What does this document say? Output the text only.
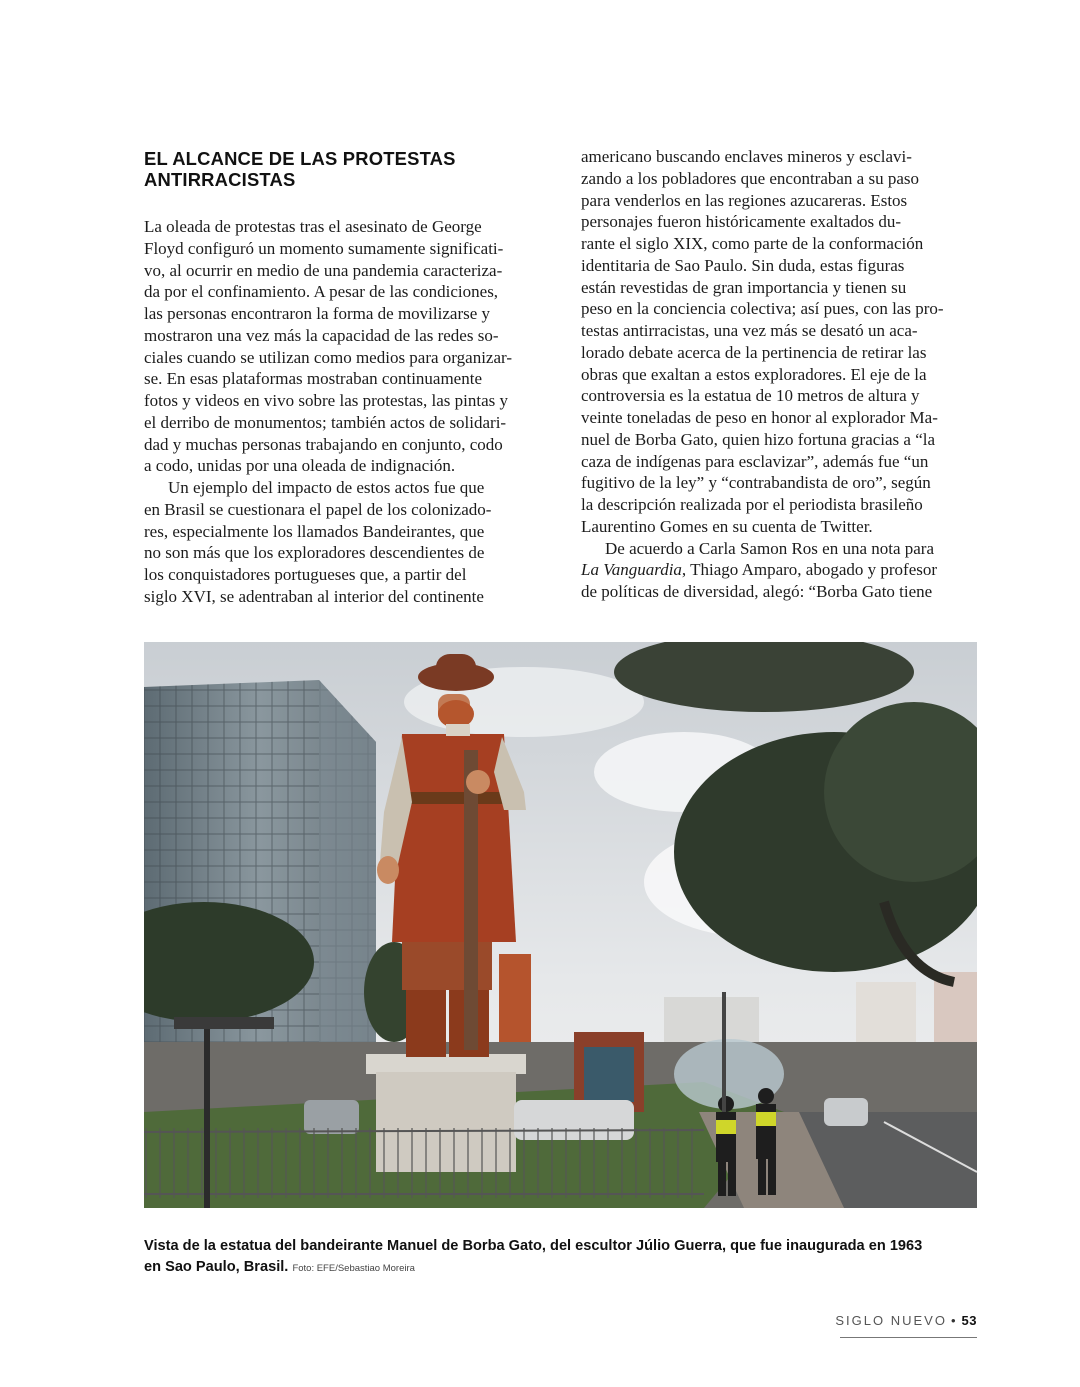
EL ALCANCE DE LAS PROTESTAS
ANTIRRACISTAS

La oleada de protestas tras el asesinato de George
Floyd configuró un momento sumamente significati-
vo, al ocurrir en medio de una pandemia caracteriza-
da por el confinamiento. A pesar de las condiciones,
las personas encontraron la forma de movilizarse y
mostraron una vez más la capacidad de las redes so-
ciales cuando se utilizan como medios para organizar-
se. En esas plataformas mostraban continuamente
fotos y videos en vivo sobre las protestas, las pintas y
el derribo de monumentos; también actos de solidari-
dad y muchas personas trabajando en conjunto, codo
a codo, unidas por una oleada de indignación.

Un ejemplo del impacto de estos actos fue que
en Brasil se cuestionara el papel de los colonizado-
res, especialmente los llamados Bandeirantes, que
no son más que los exploradores descendientes de
los conquistadores portugueses que, a partir del
siglo XVI, se adentraban al interior del continente

americano buscando enclaves mineros y esclavi-
zando a los pobladores que encontraban a su paso
para venderlos en las regiones azucareras. Estos
personajes fueron históricamente exaltados du-
rante el siglo XIX, como parte de la conformación
identitaria de Sao Paulo. Sin duda, estas figuras
están revestidas de gran importancia y tienen su
peso en la conciencia colectiva; así pues, con las pro-
testas antirracistas, una vez más se desató un aca-
lorado debate acerca de la pertinencia de retirar las
obras que exaltan a estos exploradores. El eje de la
controversia es la estatua de 10 metros de altura y
veinte toneladas de peso en honor al explorador Ma-
nuel de Borba Gato, quien hizo fortuna gracias a “la
caza de indígenas para esclavizar”, además fue “un
fugitivo de la ley” y “contrabandista de oro”, según
la descripción realizada por el periodista brasileño
Laurentino Gomes en su cuenta de Twitter.

De acuerdo a Carla Samon Ros en una nota para
La Vanguardia, Thiago Amparo, abogado y profesor
de políticas de diversidad, alegó: “Borba Gato tiene

Vista de la estatua del bandeirante Manuel de Borba Gato, del escultor Júlio Guerra, que fue inaugurada en 1963
en Sao Paulo, Brasil. Foto: EFE/Sebastiao Moreira
SIGLO NUEVO • 53
